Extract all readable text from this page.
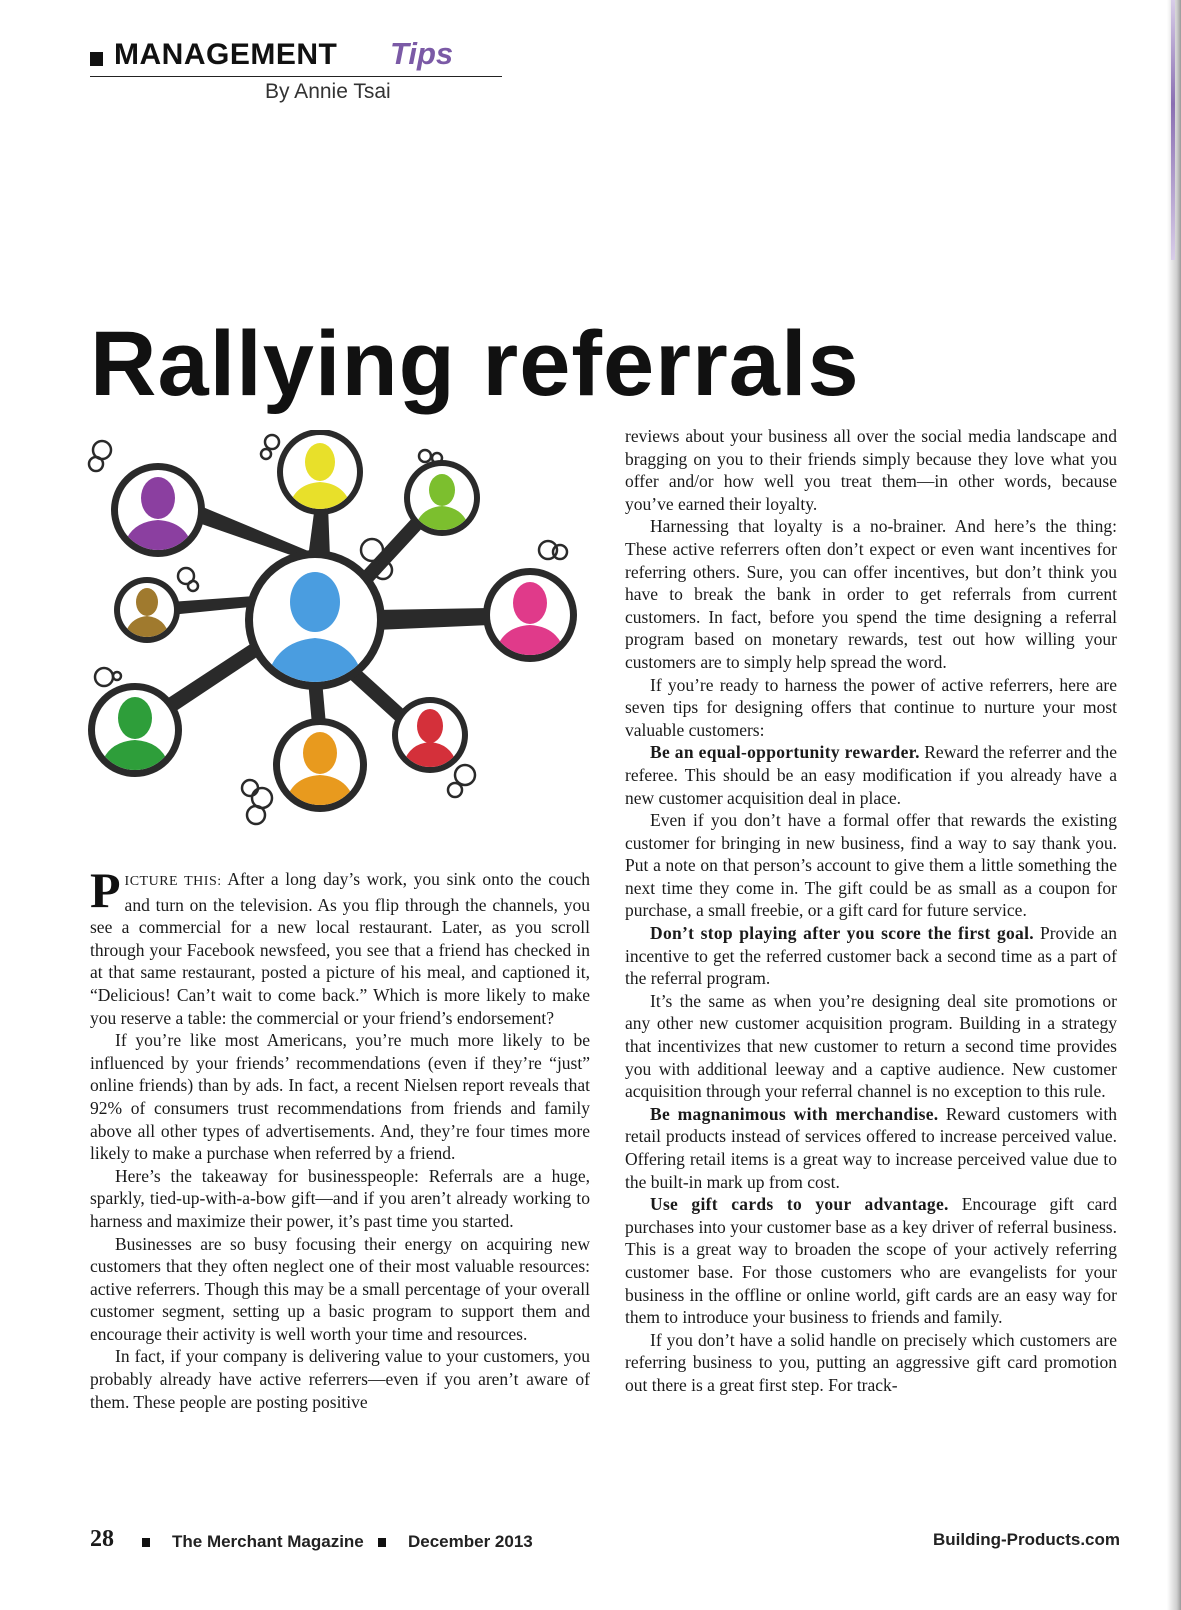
MANAGEMENT Tips
By Annie Tsai
Rallying referrals

PICTURE THIS: After a long day’s work, you sink onto the couch and turn on the television. As you flip through the channels, you see a commercial for a new local restaurant. Later, as you scroll through your Facebook newsfeed, you see that a friend has checked in at that same restaurant, posted a picture of his meal, and captioned it, “Delicious! Can’t wait to come back.” Which is more likely to make you reserve a table: the commercial or your friend’s endorsement?

If you’re like most Americans, you’re much more likely to be influenced by your friends’ recommendations (even if they’re “just” online friends) than by ads. In fact, a recent Nielsen report reveals that 92% of consumers trust recommendations from friends and family above all other types of advertisements. And, they’re four times more likely to make a purchase when referred by a friend.

Here’s the takeaway for businesspeople: Referrals are a huge, sparkly, tied-up-with-a-bow gift—and if you aren’t already working to harness and maximize their power, it’s past time you started.

Businesses are so busy focusing their energy on acquiring new customers that they often neglect one of their most valuable resources: active referrers. Though this may be a small percentage of your overall customer segment, setting up a basic program to support them and encourage their activity is well worth your time and resources.

In fact, if your company is delivering value to your customers, you probably already have active referrers—even if you aren’t aware of them. These people are posting positive

reviews about your business all over the social media landscape and bragging on you to their friends simply because they love what you offer and/or how well you treat them—in other words, because you’ve earned their loyalty.

Harnessing that loyalty is a no-brainer. And here’s the thing: These active referrers often don’t expect or even want incentives for referring others. Sure, you can offer incentives, but don’t think you have to break the bank in order to get referrals from current customers. In fact, before you spend the time designing a referral program based on monetary rewards, test out how willing your customers are to simply help spread the word.

If you’re ready to harness the power of active referrers, here are seven tips for designing offers that continue to nurture your most valuable customers:

Be an equal-opportunity rewarder. Reward the referrer and the referee. This should be an easy modification if you already have a new customer acquisition deal in place.

Even if you don’t have a formal offer that rewards the existing customer for bringing in new business, find a way to say thank you. Put a note on that person’s account to give them a little something the next time they come in. The gift could be as small as a coupon for purchase, a small freebie, or a gift card for future service.

Don’t stop playing after you score the first goal. Provide an incentive to get the referred customer back a second time as a part of the referral program.

It’s the same as when you’re designing deal site promotions or any other new customer acquisition program. Building in a strategy that incentivizes that new customer to return a second time provides you with additional leeway and a captive audience. New customer acquisition through your referral channel is no exception to this rule.

Be magnanimous with merchandise. Reward customers with retail products instead of services offered to increase perceived value. Offering retail items is a great way to increase perceived value due to the built-in mark up from cost.

Use gift cards to your advantage. Encourage gift card purchases into your customer base as a key driver of referral business. This is a great way to broaden the scope of your actively referring customer base. For those customers who are evangelists for your business in the offline or online world, gift cards are an easy way for them to introduce your business to friends and family.

If you don’t have a solid handle on precisely which customers are referring business to you, putting an aggressive gift card promotion out there is a great first step. For track-

28	The Merchant Magazine	December 2013	Building-Products.com
